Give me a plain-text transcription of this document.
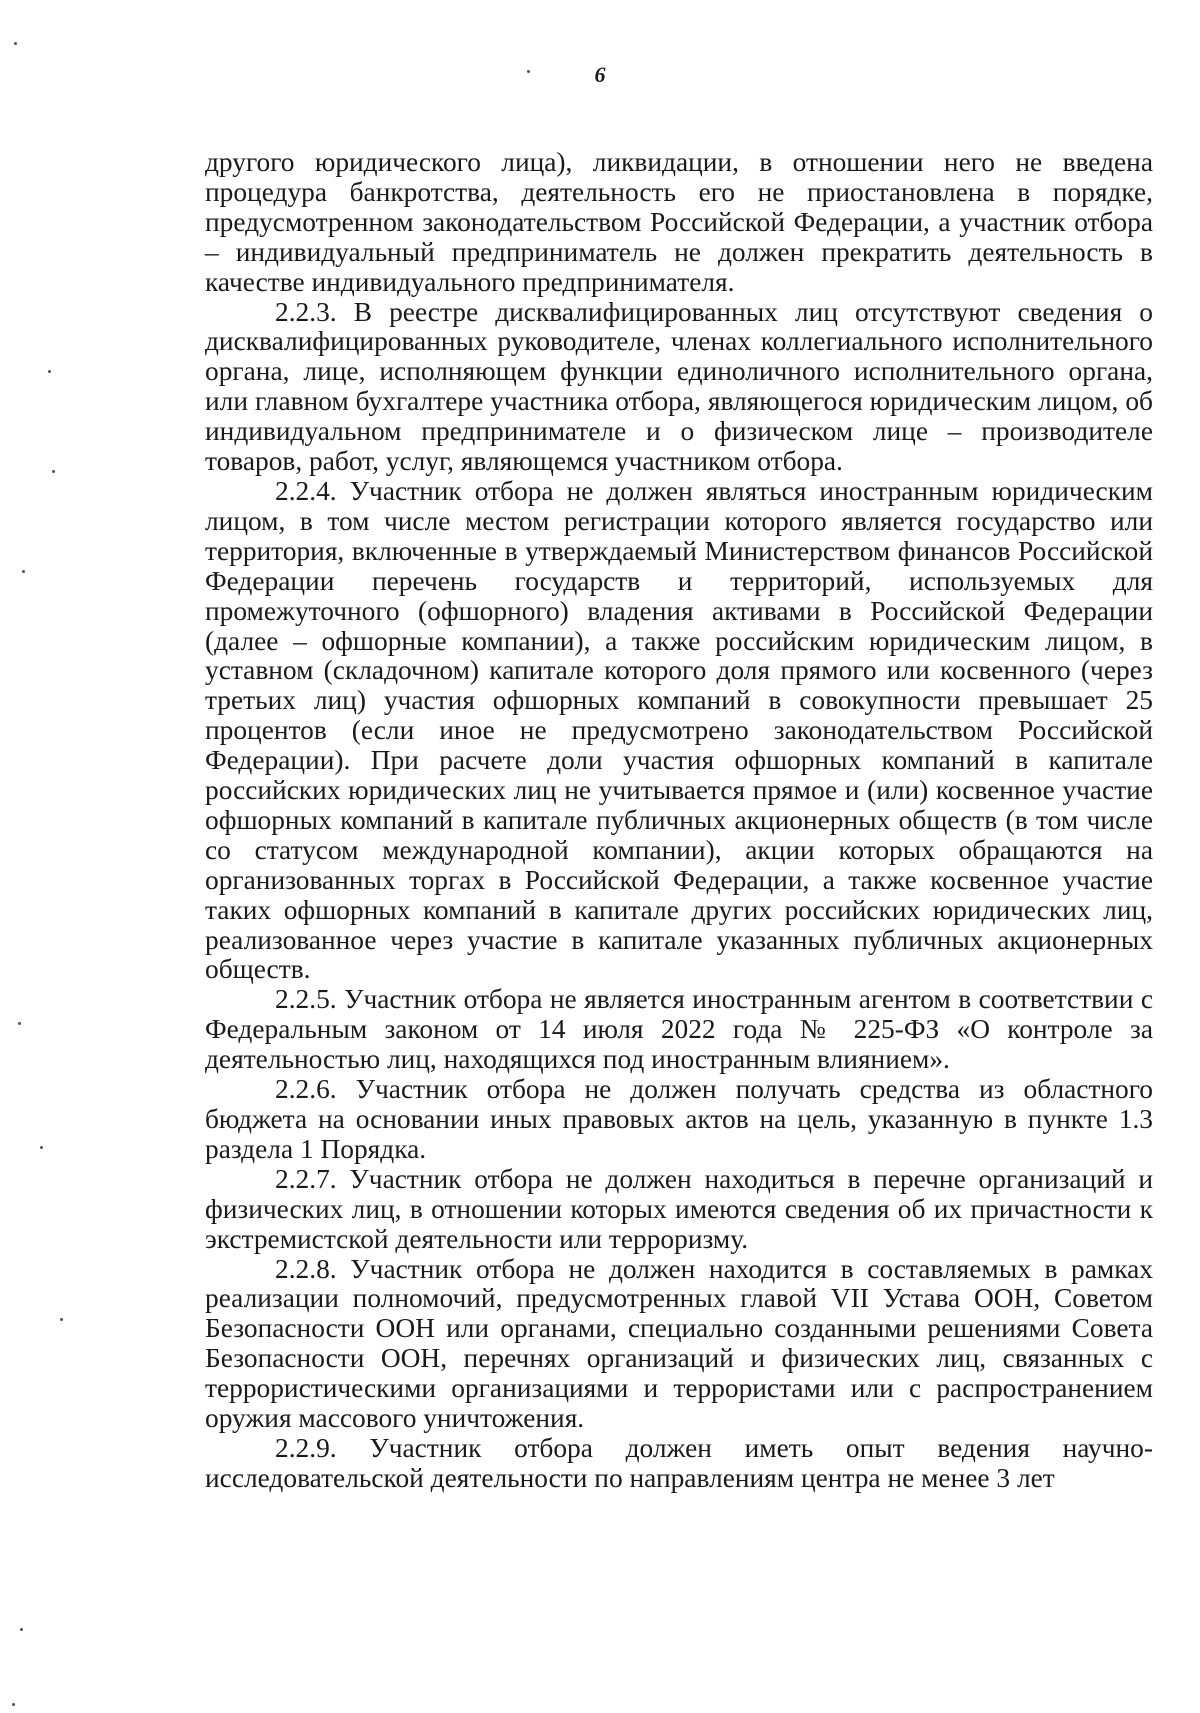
6

другого юридического лица), ликвидации, в отношении него не введена процедура банкротства, деятельность его не приостановлена в порядке, предусмотренном законодательством Российской Федерации, а участник отбора – индивидуальный предприниматель не должен прекратить деятельность в качестве индивидуального предпринимателя.

2.2.3. В реестре дисквалифицированных лиц отсутствуют сведения о дисквалифицированных руководителе, членах коллегиального исполнительного органа, лице, исполняющем функции единоличного исполнительного органа, или главном бухгалтере участника отбора, являющегося юридическим лицом, об индивидуальном предпринимателе и о физическом лице – производителе товаров, работ, услуг, являющемся участником отбора.

2.2.4. Участник отбора не должен являться иностранным юридическим лицом, в том числе местом регистрации которого является государство или территория, включенные в утверждаемый Министерством финансов Российской Федерации перечень государств и территорий, используемых для промежуточного (офшорного) владения активами в Российской Федерации (далее – офшорные компании), а также российским юридическим лицом, в уставном (складочном) капитале которого доля прямого или косвенного (через третьих лиц) участия офшорных компаний в совокупности превышает 25 процентов (если иное не предусмотрено законодательством Российской Федерации). При расчете доли участия офшорных компаний в капитале российских юридических лиц не учитывается прямое и (или) косвенное участие офшорных компаний в капитале публичных акционерных обществ (в том числе со статусом международной компании), акции которых обращаются на организованных торгах в Российской Федерации, а также косвенное участие таких офшорных компаний в капитале других российских юридических лиц, реализованное через участие в капитале указанных публичных акционерных обществ.

2.2.5. Участник отбора не является иностранным агентом в соответствии с Федеральным законом от 14 июля 2022 года № 225-ФЗ «О контроле за деятельностью лиц, находящихся под иностранным влиянием».

2.2.6. Участник отбора не должен получать средства из областного бюджета на основании иных правовых актов на цель, указанную в пункте 1.3 раздела 1 Порядка.

2.2.7. Участник отбора не должен находиться в перечне организаций и физических лиц, в отношении которых имеются сведения об их причастности к экстремистской деятельности или терроризму.

2.2.8. Участник отбора не должен находится в составляемых в рамках реализации полномочий, предусмотренных главой VII Устава ООН, Советом Безопасности ООН или органами, специально созданными решениями Совета Безопасности ООН, перечнях организаций и физических лиц, связанных с террористическими организациями и террористами или с распространением оружия массового уничтожения.

2.2.9. Участник отбора должен иметь опыт ведения научно-исследовательской деятельности по направлениям центра не менее 3 лет
